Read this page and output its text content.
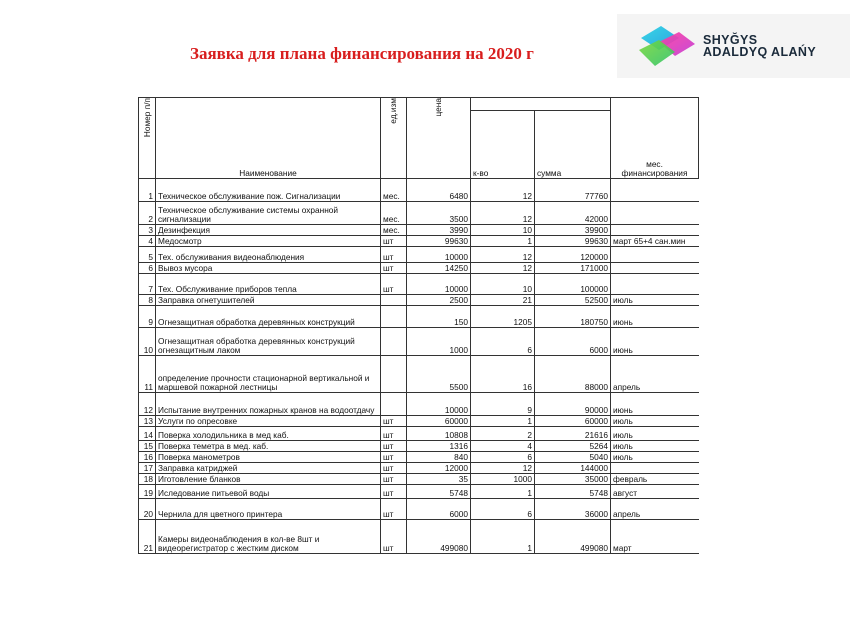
Заявка для плана финансирования на 2020 г
SHYĞYS
ADALDYQ ALAŃY
Номер п/п	Наименование	ед.изм	цена			мес. финансирования
				к-во	сумма	
1	Техническое обслуживание пож. Сигнализации	мес.	6480	12	77760	
2	Техническое обслуживание системы охранной сигнализации	мес.	3500	12	42000	
3	Дезинфекция	мес.	3990	10	39900	
4	Медосмотр	шт	99630	1	99630	март 65+4 сан.мин
5	Тех. обслуживания видеонаблюдения	шт	10000	12	120000	
6	Вывоз мусора	шт	14250	12	171000	
7	Тех. Обслуживание приборов тепла	шт	10000	10	100000	
8	Заправка огнетушителей		2500	21	52500	июль
9	Огнезащитная обработка деревянных конструкций		150	1205	180750	июнь
10	Огнезащитная обработка деревянных конструкций огнезащитным лаком		1000	6	6000	июнь
11	определение прочности стационарной вертикальной и маршевой пожарной лестницы		5500	16	88000	апрель
12	Испытание внутренних пожарных кранов на водоотдачу		10000	9	90000	июнь
13	Услуги по опресовке	шт	60000	1	60000	июль
14	Поверка холодильника в мед каб.	шт	10808	2	21616	июль
15	Поверка теметра в мед. каб.	шт	1316	4	5264	июль
16	Поверка манометров	шт	840	6	5040	июль
17	Заправка катриджей	шт	12000	12	144000	
18	Иготовление бланков	шт	35	1000	35000	февраль
19	Иследование питьевой воды	шт	5748	1	5748	август
20	Чернила для цветного принтера	шт	6000	6	36000	апрель
21	Камеры видеонаблюдения в кол-ве 8шт и видеорегистратор с жестким диском	шт	499080	1	499080	март
